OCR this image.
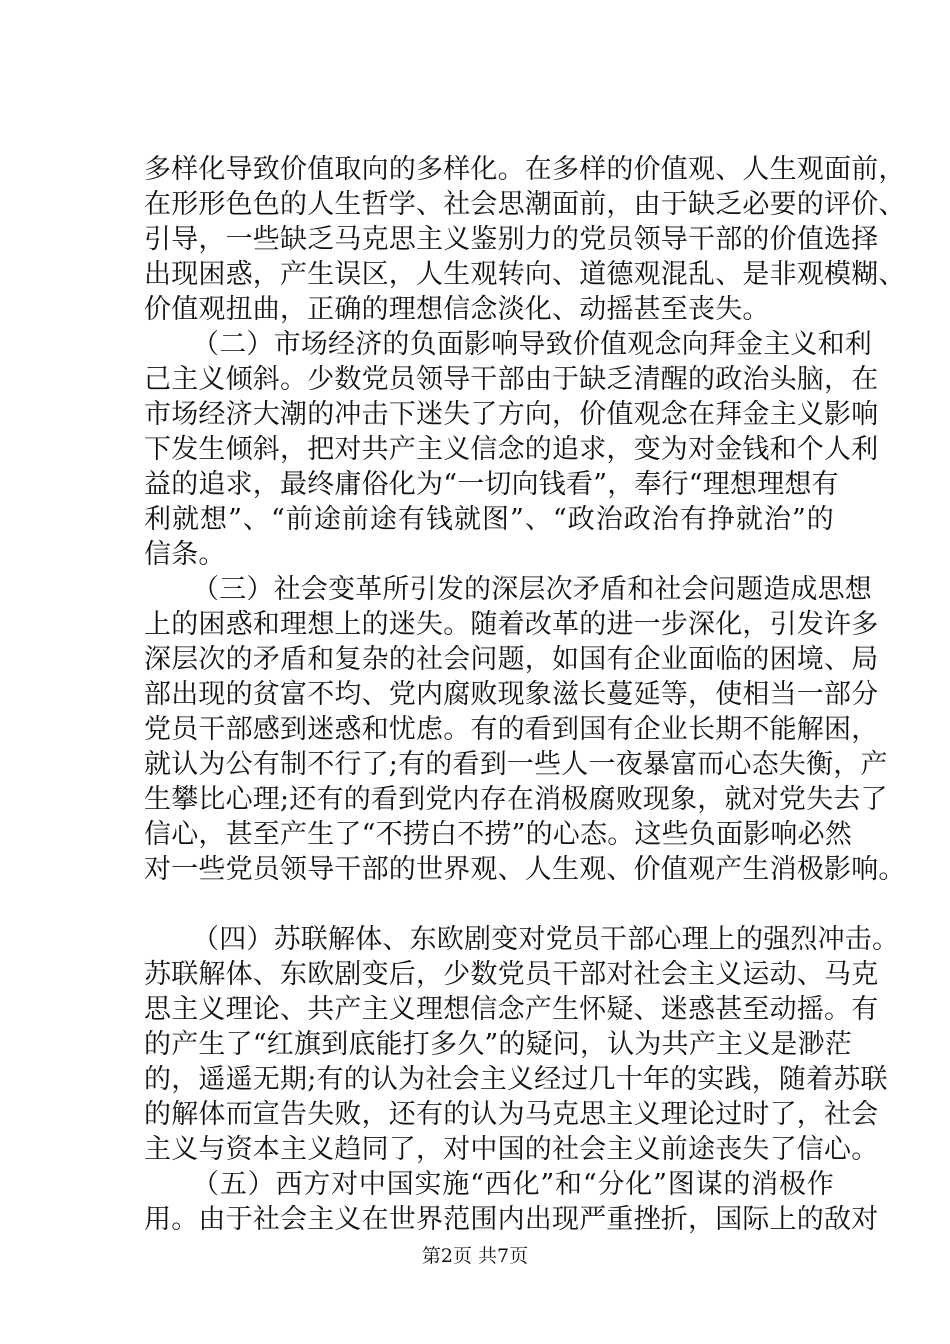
多样化导致价值取向的多样化。在多样的价值观、人生观面前，
在形形色色的人生哲学、社会思潮面前，由于缺乏必要的评价、
引导，一些缺乏马克思主义鉴别力的党员领导干部的价值选择
出现困惑，产生误区，人生观转向、道德观混乱、是非观模糊、
价值观扭曲，正确的理想信念淡化、动摇甚至丧失。
（二）市场经济的负面影响导致价值观念向拜金主义和利
己主义倾斜。少数党员领导干部由于缺乏清醒的政治头脑，在
市场经济大潮的冲击下迷失了方向，价值观念在拜金主义影响
下发生倾斜，把对共产主义信念的追求，变为对金钱和个人利
益的追求，最终庸俗化为“一切向钱看”，奉行“理想理想有
利就想”、“前途前途有钱就图”、“政治政治有挣就治”的
信条。
（三）社会变革所引发的深层次矛盾和社会问题造成思想
上的困惑和理想上的迷失。随着改革的进一步深化，引发许多
深层次的矛盾和复杂的社会问题，如国有企业面临的困境、局
部出现的贫富不均、党内腐败现象滋长蔓延等，使相当一部分
党员干部感到迷惑和忧虑。有的看到国有企业长期不能解困，
就认为公有制不行了;有的看到一些人一夜暴富而心态失衡，产
生攀比心理;还有的看到党内存在消极腐败现象，就对党失去了
信心，甚至产生了“不捞白不捞”的心态。这些负面影响必然
对一些党员领导干部的世界观、人生观、价值观产生消极影响。
（四）苏联解体、东欧剧变对党员干部心理上的强烈冲击。
苏联解体、东欧剧变后，少数党员干部对社会主义运动、马克
思主义理论、共产主义理想信念产生怀疑、迷惑甚至动摇。有
的产生了“红旗到底能打多久”的疑问，认为共产主义是渺茫
的，遥遥无期;有的认为社会主义经过几十年的实践，随着苏联
的解体而宣告失败，还有的认为马克思主义理论过时了，社会
主义与资本主义趋同了，对中国的社会主义前途丧失了信心。
（五）西方对中国实施“西化”和“分化”图谋的消极作
用。由于社会主义在世界范围内出现严重挫折，国际上的敌对
第2页 共7页
